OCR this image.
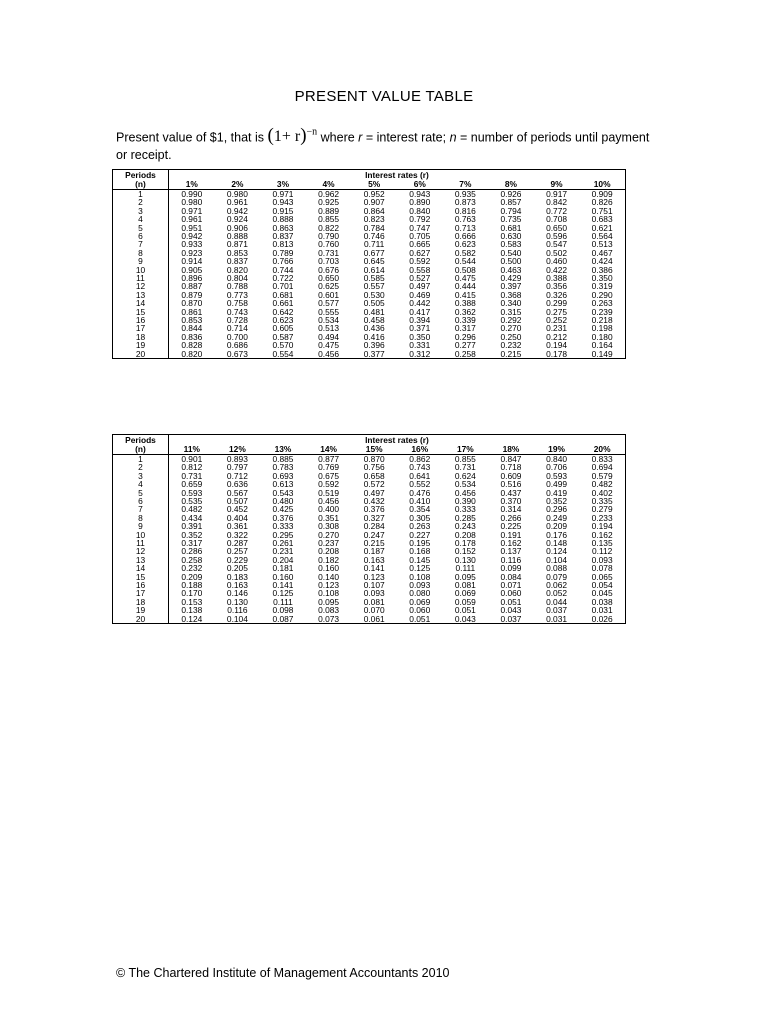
PRESENT VALUE TABLE
Present value of $1, that is $(1+ r)^{-n}$ where r = interest rate; n = number of periods until payment or receipt.
Periods	Interest rates (r)									
(n)	1%	2%	3%	4%	5%	6%	7%	8%	9%	10%
1	0.990	0.980	0.971	0.962	0.952	0.943	0.935	0.926	0.917	0.909
2	0.980	0.961	0.943	0.925	0.907	0.890	0.873	0.857	0.842	0.826
3	0.971	0.942	0.915	0.889	0.864	0.840	0.816	0.794	0.772	0.751
4	0.961	0.924	0.888	0.855	0.823	0.792	0.763	0.735	0.708	0.683
5	0.951	0.906	0.863	0.822	0.784	0.747	0.713	0.681	0.650	0.621
6	0.942	0.888	0.837	0.790	0.746	0.705	0.666	0.630	0.596	0.564
7	0.933	0.871	0.813	0.760	0.711	0.665	0.623	0.583	0.547	0.513
8	0.923	0.853	0.789	0.731	0.677	0.627	0.582	0.540	0.502	0.467
9	0.914	0.837	0.766	0.703	0.645	0.592	0.544	0.500	0.460	0.424
10	0.905	0.820	0.744	0.676	0.614	0.558	0.508	0.463	0.422	0.386
11	0.896	0.804	0.722	0.650	0.585	0.527	0.475	0.429	0.388	0.350
12	0.887	0.788	0.701	0.625	0.557	0.497	0.444	0.397	0.356	0.319
13	0.879	0.773	0.681	0.601	0.530	0.469	0.415	0.368	0.326	0.290
14	0.870	0.758	0.661	0.577	0.505	0.442	0.388	0.340	0.299	0.263
15	0.861	0.743	0.642	0.555	0.481	0.417	0.362	0.315	0.275	0.239
16	0.853	0.728	0.623	0.534	0.458	0.394	0.339	0.292	0.252	0.218
17	0.844	0.714	0.605	0.513	0.436	0.371	0.317	0.270	0.231	0.198
18	0.836	0.700	0.587	0.494	0.416	0.350	0.296	0.250	0.212	0.180
19	0.828	0.686	0.570	0.475	0.396	0.331	0.277	0.232	0.194	0.164
20	0.820	0.673	0.554	0.456	0.377	0.312	0.258	0.215	0.178	0.149
Periods	Interest rates (r)									
(n)	11%	12%	13%	14%	15%	16%	17%	18%	19%	20%
1	0.901	0.893	0.885	0.877	0.870	0.862	0.855	0.847	0.840	0.833
2	0.812	0.797	0.783	0.769	0.756	0.743	0.731	0.718	0.706	0.694
3	0.731	0.712	0.693	0.675	0.658	0.641	0.624	0.609	0.593	0.579
4	0.659	0.636	0.613	0.592	0.572	0.552	0.534	0.516	0.499	0.482
5	0.593	0.567	0.543	0.519	0.497	0.476	0.456	0.437	0.419	0.402
6	0.535	0.507	0.480	0.456	0.432	0.410	0.390	0.370	0.352	0.335
7	0.482	0.452	0.425	0.400	0.376	0.354	0.333	0.314	0.296	0.279
8	0.434	0.404	0.376	0.351	0.327	0.305	0.285	0.266	0.249	0.233
9	0.391	0.361	0.333	0.308	0.284	0.263	0.243	0.225	0.209	0.194
10	0.352	0.322	0.295	0.270	0.247	0.227	0.208	0.191	0.176	0.162
11	0.317	0.287	0.261	0.237	0.215	0.195	0.178	0.162	0.148	0.135
12	0.286	0.257	0.231	0.208	0.187	0.168	0.152	0.137	0.124	0.112
13	0.258	0.229	0.204	0.182	0.163	0.145	0.130	0.116	0.104	0.093
14	0.232	0.205	0.181	0.160	0.141	0.125	0.111	0.099	0.088	0.078
15	0.209	0.183	0.160	0.140	0.123	0.108	0.095	0.084	0.079	0.065
16	0.188	0.163	0.141	0.123	0.107	0.093	0.081	0.071	0.062	0.054
17	0.170	0.146	0.125	0.108	0.093	0.080	0.069	0.060	0.052	0.045
18	0.153	0.130	0.111	0.095	0.081	0.069	0.059	0.051	0.044	0.038
19	0.138	0.116	0.098	0.083	0.070	0.060	0.051	0.043	0.037	0.031
20	0.124	0.104	0.087	0.073	0.061	0.051	0.043	0.037	0.031	0.026
© The Chartered Institute of Management Accountants 2010
